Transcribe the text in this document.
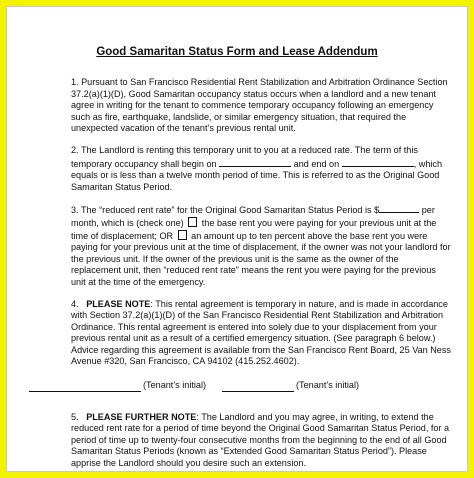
Good Samaritan Status Form and Lease Addendum

1. Pursuant to San Francisco Residential Rent Stabilization and Arbitration Ordinance Section 37.2(a)(1)(D), Good Samaritan occupancy status occurs when a landlord and a new tenant agree in writing for the tenant to commence temporary occupancy following an emergency such as fire, earthquake, landslide, or similar emergency situation, that required the unexpected vacation of the tenant’s previous rental unit.

2. The Landlord is renting this temporary unit to you at a reduced rate. The term of this temporary occupancy shall begin on	and end on	, which equals or is less than a twelve month period of time. This is referred to as the Original Good Samaritan Status Period.

3. The “reduced rent rate” for the Original Good Samaritan Status Period is $	per month, which is (check one) the base rent you were paying for your previous unit at the time of displacement; OR an amount up to ten percent above the base rent you were paying for your previous unit at the time of displacement, if the owner was not your landlord for the previous unit. If the owner of the previous unit is the same as the owner of the replacement unit, then “reduced rent rate” means the rent you were paying for the previous unit at the time of the emergency.

4. PLEASE NOTE: This rental agreement is temporary in nature, and is made in accordance with Section 37.2(a)(1)(D) of the San Francisco Residential Rent Stabilization and Arbitration Ordinance. This rental agreement is entered into solely due to your displacement from your previous rental unit as a result of a certified emergency situation. (See paragraph 6 below.) Advice regarding this agreement is available from the San Francisco Rent Board, 25 Van Ness Avenue #320, San Francisco, CA 94102 (415.252.4602).

(Tenant’s initial)	(Tenant’s initial)

5. PLEASE FURTHER NOTE: The Landlord and you may agree, in writing, to extend the reduced rent rate for a period of time beyond the Original Good Samaritan Status Period, for a period of time up to twenty-four consecutive months from the beginning to the end of all Good Samaritan Status Periods (known as “Extended Good Samaritan Status Period”). Please apprise the Landlord should you desire such an extension.
